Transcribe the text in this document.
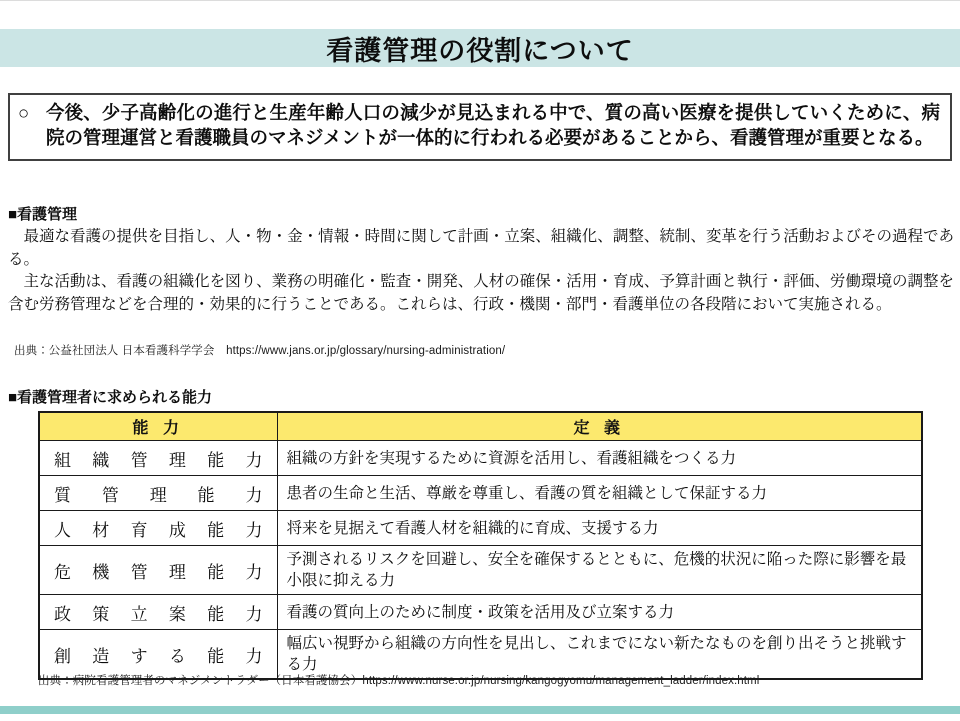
看護管理の役割について
○ 今後、少子高齢化の進行と生産年齢人口の減少が見込まれる中で、質の高い医療を提供していくために、病院の管理運営と看護職員のマネジメントが一体的に行われる必要があることから、看護管理が重要となる。
■看護管理

最適な看護の提供を目指し、人・物・金・情報・時間に関して計画・立案、組織化、調整、統制、変革を行う活動およびその過程である。

主な活動は、看護の組織化を図り、業務の明確化・監査・開発、人材の確保・活用・育成、予算計画と執行・評価、労働環境の調整を含む労務管理などを合理的・効果的に行うことである。これらは、行政・機関・部門・看護単位の各段階において実施される。

出典：公益社団法人 日本看護科学学会　https://www.jans.or.jp/glossary/nursing-administration/
■看護管理者に求められる能力
能 力	定 義

組 織 管 理 能 力	組織の方針を実現するために資源を活用し、看護組織をつくる力

質 管 理 能 力	患者の生命と生活、尊厳を尊重し、看護の質を組織として保証する力

人 材 育 成 能 力	将来を見据えて看護人材を組織的に育成、支援する力

危 機 管 理 能 力
	予測されるリスクを回避し、安全を確保するとともに、危機的状況に陥った際に影響を最小限に抑える力

政 策 立 案 能 力	看護の質向上のために制度・政策を活用及び立案する力

創 造 す る 能 力
	幅広い視野から組織の方向性を見出し、これまでにない新たなものを創り出そうと挑戦する力
出典：病院看護管理者のマネジメントラダー（日本看護協会）https://www.nurse.or.jp/nursing/kangogyomu/management_ladder/index.html
